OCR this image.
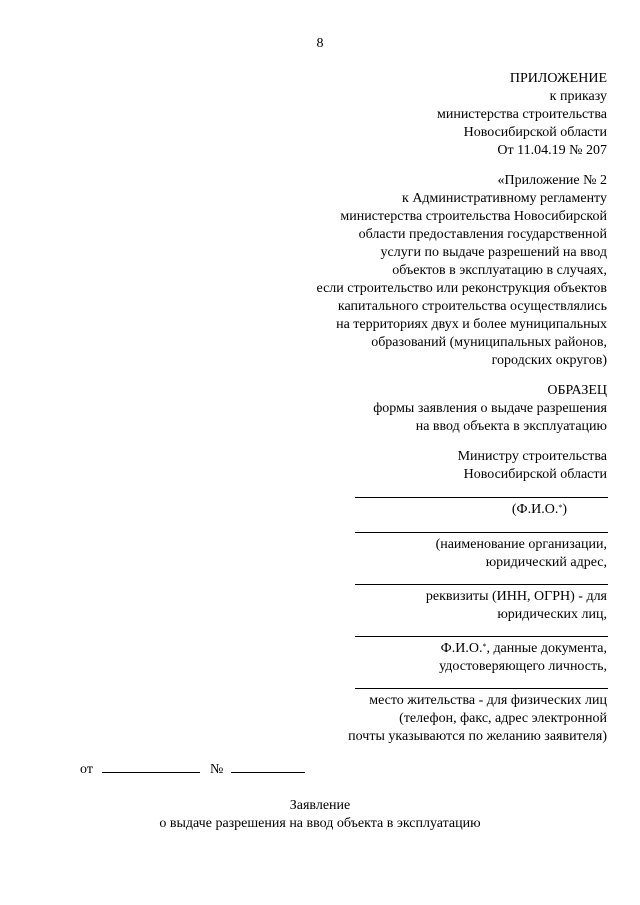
8
ПРИЛОЖЕНИЕ
к приказу
министерства строительства
Новосибирской области
От 11.04.19 № 207
«Приложение № 2
к Административному регламенту
министерства строительства Новосибирской
области предоставления государственной
услуги по выдаче разрешений на ввод
объектов в эксплуатацию в случаях,
если строительство или реконструкция объектов
капитального строительства осуществлялись
на территориях двух и более муниципальных
образований (муниципальных районов,
городских округов)
ОБРАЗЕЦ
формы заявления о выдаче разрешения
на ввод объекта в эксплуатацию
Министру строительства
Новосибирской области
(Ф.И.О.*)
(наименование организации,
юридический адрес,
реквизиты (ИНН, ОГРН) - для
юридических лиц,
Ф.И.О.*, данные документа,
удостоверяющего личность,
место жительства - для физических лиц
(телефон, факс, адрес электронной
почты указываются по желанию заявителя)
от	№
Заявление
о выдаче разрешения на ввод объекта в эксплуатацию
